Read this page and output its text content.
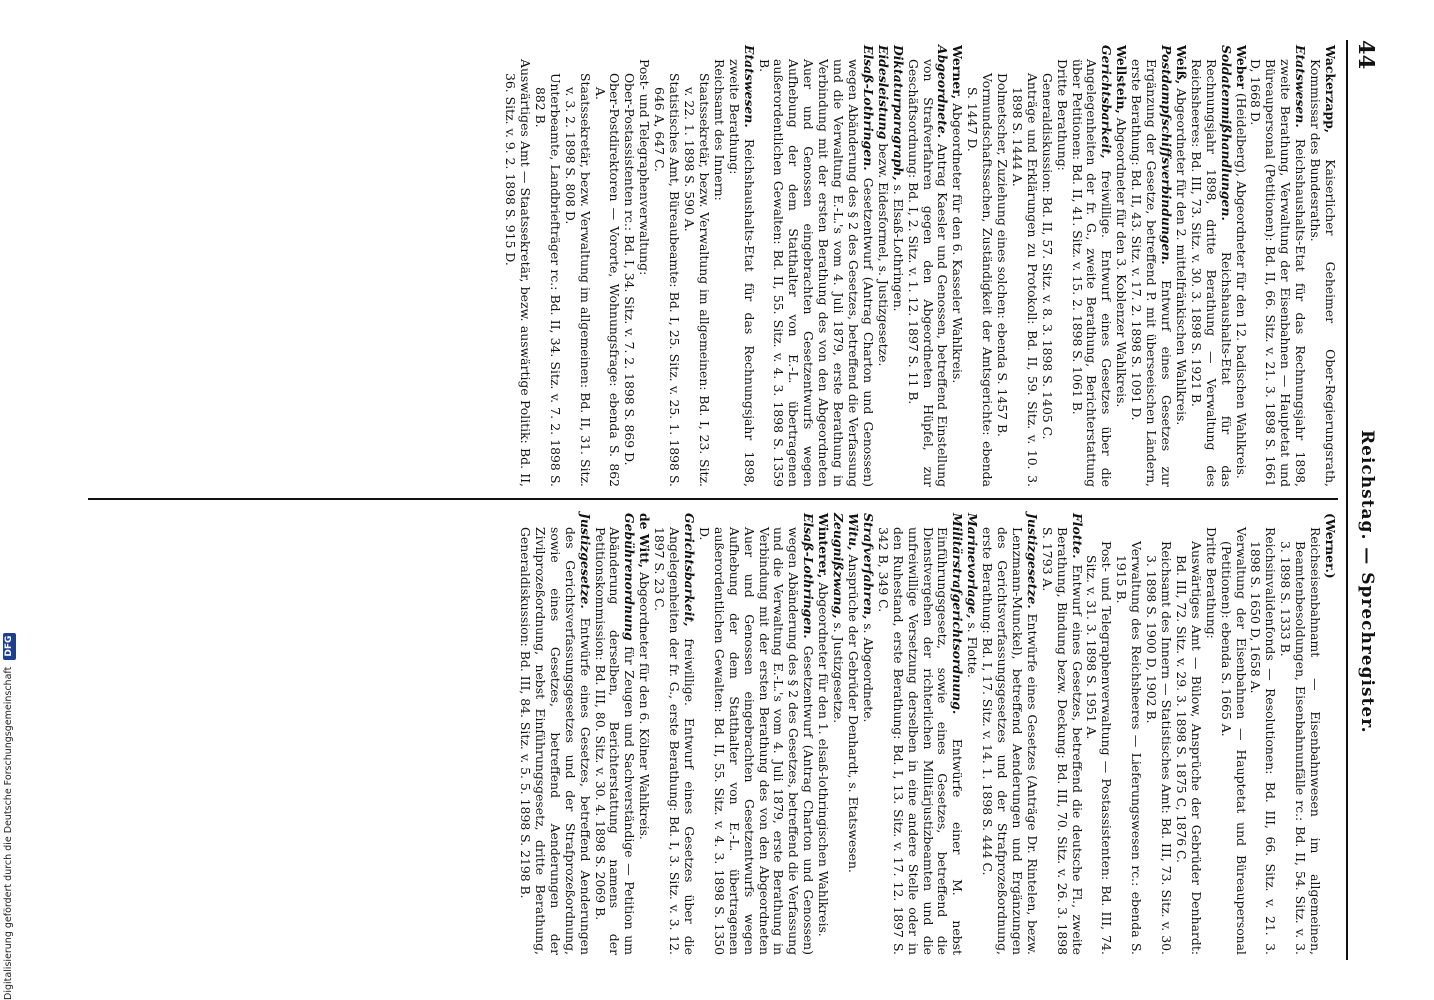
44
Reichstag. — Sprechregister.
Wackerzapp, Kaiserlicher Geheimer Ober-Regierungsrath, Kommissar des Bundesraths.
Etatswesen. Reichshaushalts-Etat für das Rechnungsjahr 1898, zweite Berathung, Verwaltung der Eisenbahnen — Hauptetat und Büreaupersonal (Petitionen): Bd. II, 66. Sitz. v. 21. 3. 1898 S. 1661 D, 1668 D.
Weber (Heidelberg), Abgeordneter für den 12. badischen Wahlkreis.
Soldatenmißhandlungen. Reichshaushalts-Etat für das Rechnungsjahr 1898, dritte Berathung — Verwaltung des Reichsheeres: Bd. III, 73. Sitz. v. 30. 3. 1898 S. 1921 B.
Weiß, Abgeordneter für den 2. mittelfränkischen Wahlkreis.
Postdampfschiffsverbindungen. Entwurf eines Gesetzes zur Ergänzung der Gesetze, betreffend P. mit überseeischen Ländern, erste Berathung: Bd. II, 43. Sitz. v. 17. 2. 1898 S. 1091 D.
Wellstein, Abgeordneter für den 3. Koblenzer Wahlkreis.
Gerichtsbarkeit, freiwillige. Entwurf eines Gesetzes über die Angelegenheiten der fr. G., zweite Berathung, Berichterstattung über Petitionen: Bd. II, 41. Sitz. v. 15. 2. 1898 S. 1061 B.
Dritte Berathung:
Generaldiskussion: Bd. II, 57. Sitz. v. 8. 3. 1898 S. 1405 C.
Anträge und Erklärungen zu Protokoll: Bd. II, 59. Sitz. v. 10. 3. 1898 S. 1444 A.
Dolmetscher, Zuziehung eines solchen: ebenda S. 1457 B.
Vormundschaftssachen, Zuständigkeit der Amtsgerichte: ebenda S. 1447 D.
Werner, Abgeordneter für den 6. Kasseler Wahlkreis.
Abgeordnete. Antrag Kaesler und Genossen, betreffend Einstellung von Strafverfahren gegen den Abgeordneten Hüpfel, zur Geschäftsordnung: Bd. I, 2. Sitz. v. 1. 12. 1897 S. 11 B.
Diktaturparagraph, s. Elsaß-Lothringen.
Eidesleistung bezw. Eidesformel, s. Justizgesetze.
Elsaß-Lothringen. Gesetzentwurf (Antrag Charton und Genossen) wegen Abänderung des § 2 des Gesetzes, betreffend die Verfassung und die Verwaltung E.-L.'s vom 4. Juli 1879, erste Berathung in Verbindung mit der ersten Berathung des von den Abgeordneten Auer und Genossen eingebrachten Gesetzentwurfs wegen Aufhebung der dem Statthalter von E.-L. übertragenen außerordentlichen Gewalten: Bd. II, 55. Sitz. v. 4. 3. 1898 S. 1359 B.
Etatswesen. Reichshaushalts-Etat für das Rechnungsjahr 1898, zweite Berathung:
Reichsamt des Innern:
Staatssekretär, bezw. Verwaltung im allgemeinen: Bd. I, 23. Sitz. v. 22. 1. 1898 S. 590 A.
Statistisches Amt, Büreaubeamte: Bd. I, 25. Sitz. v. 25. 1. 1898 S. 646 A, 647 C.
Post- und Telegraphenverwaltung:
Ober-Postassistenten rc.: Bd. I, 34. Sitz. v. 7. 2. 1898 S. 869 D.
Ober-Postdirektoren — Vororte, Wohnungsfrage: ebenda S. 862 A.
Staatssekretär, bezw. Verwaltung im allgemeinen: Bd. II, 31. Sitz. v. 3. 2. 1898 S. 808 D.
Unterbeamte, Landbriefträger rc.: Bd. II, 34. Sitz. v. 7. 2. 1898 S. 882 B.
Auswärtiges Amt — Staatssekretär, bezw. auswärtige Politik: Bd. II, 36. Sitz. v. 9. 2. 1898 S. 915 D.
(Werner.)
Reichseisenbahnamt — Eisenbahnwesen im allgemeinen, Beamtenbesoldungen, Eisenbahnunfälle rc.: Bd. II, 54. Sitz. v. 3. 3. 1898 S. 1333 B.
Reichsinvalidenfonds — Resolutionen: Bd. III, 66. Sitz. v. 21. 3. 1898 S. 1650 D, 1658 A.
Verwaltung der Eisenbahnen — Hauptetat und Büreaupersonal (Petitionen): ebenda S. 1665 A.
Dritte Berathung:
Auswärtiges Amt — Bülow, Ansprüche der Gebrüder Denhardt: Bd. III, 72. Sitz. v. 29. 3. 1898 S. 1875 C, 1876 C.
Reichsamt des Innern — Statistisches Amt: Bd. III, 73. Sitz. v. 30. 3. 1898 S. 1900 D, 1902 B.
Verwaltung des Reichsheeres — Lieferungswesen rc.: ebenda S. 1915 B.
Post- und Telegraphenverwaltung — Postassistenten: Bd. III, 74. Sitz. v. 31. 3. 1898 S. 1951 A.
Flotte. Entwurf eines Gesetzes, betreffend die deutsche Fl., zweite Berathung, Bindung bezw. Deckung: Bd. III, 70. Sitz. v. 26. 3. 1898 S. 1793 A.
Justizgesetze. Entwürfe eines Gesetzes (Anträge Dr. Rintelen, bezw. Lenzmann-Munckel), betreffend Aenderungen und Ergänzungen des Gerichtsverfassungsgesetzes und der Strafprozeßordnung, erste Berathung: Bd. I, 17. Sitz. v. 14. 1. 1898 S. 444 C.
Marinevorlage, s. Flotte.
Militärstrafgerichtsordnung. Entwürfe einer M. nebst Einführungsgesetz, sowie eines Gesetzes, betreffend die Dienstvergehen der richterlichen Militärjustizbeamten und die unfreiwillige Versetzung derselben in eine andere Stelle oder in den Ruhestand, erste Berathung: Bd. I, 13. Sitz. v. 17. 12. 1897 S. 342 B, 349 C.
Strafverfahren, s. Abgeordnete.
Witu, Ansprüche der Gebrüder Denhardt, s. Etatswesen.
Zeugnißzwang, s. Justizgesetze.
Winterer, Abgeordneter für den 1. elsaß-lothringischen Wahlkreis.
Elsaß-Lothringen. Gesetzentwurf (Antrag Charton und Genossen) wegen Abänderung des § 2 des Gesetzes, betreffend die Verfassung und die Verwaltung E.-L.'s vom 4. Juli 1879, erste Berathung in Verbindung mit der ersten Berathung des von den Abgeordneten Auer und Genossen eingebrachten Gesetzentwurfs wegen Aufhebung der dem Statthalter von E.-L. übertragenen außerordentlichen Gewalten: Bd. II, 55. Sitz. v. 4. 3. 1898 S. 1350 D.
Gerichtsbarkeit, freiwillige. Entwurf eines Gesetzes über die Angelegenheiten der fr. G., erste Berathung: Bd. I, 3. Sitz. v. 3. 12. 1897 S. 23 C.
de Witt, Abgeordneter für den 6. Kölner Wahlkreis.
Gebührenordnung für Zeugen und Sachverständige — Petition um Abänderung derselben, Berichterstattung namens der Petitionskommission: Bd. III, 80. Sitz. v. 30. 4. 1898 S. 2069 B.
Justizgesetze. Entwürfe eines Gesetzes, betreffend Aenderungen des Gerichtsverfassungsgesetzes und der Strafprozeßordnung, sowie eines Gesetzes, betreffend Aenderungen der Zivilprozeßordnung, nebst Einführungsgesetz, dritte Berathung, Generaldiskussion: Bd. III, 84. Sitz. v. 5. 5. 1898 S. 2198 B.
Digitalisierung gefördert durch die Deutsche Forschungsgemeinschaft DFG
